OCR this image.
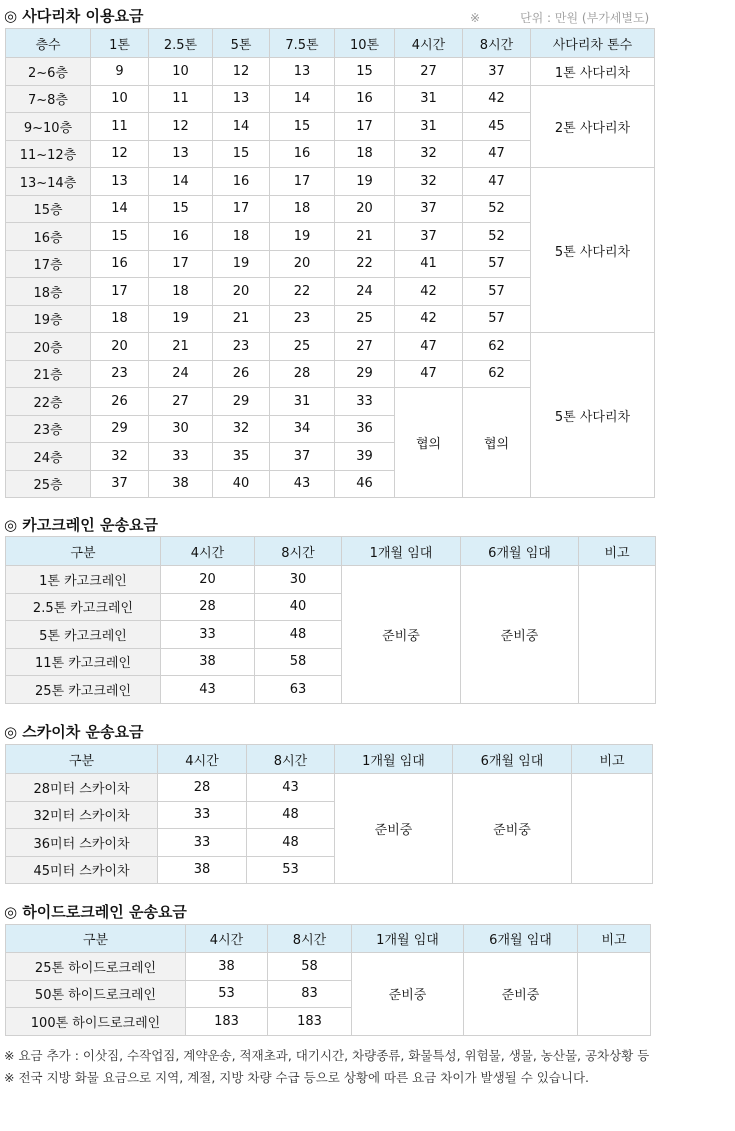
◎ 사다리차 이용요금	※	단위 : 만원 (부가세별도)
층수	1톤	2.5톤	5톤	7.5톤	10톤	4시간	8시간	사다리차 톤수
2~6층	9	10	12	13	15	27	37	1톤 사다리차
7~8층	10	11	13	14	16	31	42	2톤 사다리차
9~10층	11	12	14	15	17	31	45	
11~12층	12	13	15	16	18	32	47	
13~14층	13	14	16	17	19	32	47	5톤 사다리차
15층	14	15	17	18	20	37	52	
16층	15	16	18	19	21	37	52	
17층	16	17	19	20	22	41	57	
18층	17	18	20	22	24	42	57	
19층	18	19	21	23	25	42	57	
20층	20	21	23	25	27	47	62	5톤 사다리차
21층	23	24	26	28	29	47	62	
22층	26	27	29	31	33	협의	협의	
23층	29	30	32	34	36			
24층	32	33	35	37	39			
25층	37	38	40	43	46			
◎ 카고크레인 운송요금
구분	4시간	8시간	1개월 임대	6개월 임대	비고
1톤 카고크레인	20	30	준비중	준비중	
2.5톤 카고크레인	28	40			
5톤 카고크레인	33	48			
11톤 카고크레인	38	58			
25톤 카고크레인	43	63			
◎ 스카이차 운송요금
구분	4시간	8시간	1개월 임대	6개월 임대	비고
28미터 스카이차	28	43	준비중	준비중	
32미터 스카이차	33	48			
36미터 스카이차	33	48			
45미터 스카이차	38	53			
◎ 하이드로크레인 운송요금
구분	4시간	8시간	1개월 임대	6개월 임대	비고
25톤 하이드로크레인	38	58	준비중	준비중	
50톤 하이드로크레인	53	83			
100톤 하이드로크레인	183	183			
※ 요금 추가 : 이삿짐, 수작업짐, 계약운송, 적재초과, 대기시간, 차량종류, 화물특성, 위험물, 생물, 농산물, 공차상황 등
※ 전국 지방 화물 요금으로 지역, 계절, 지방 차량 수급 등으로 상황에 따른 요금 차이가 발생될 수 있습니다.
